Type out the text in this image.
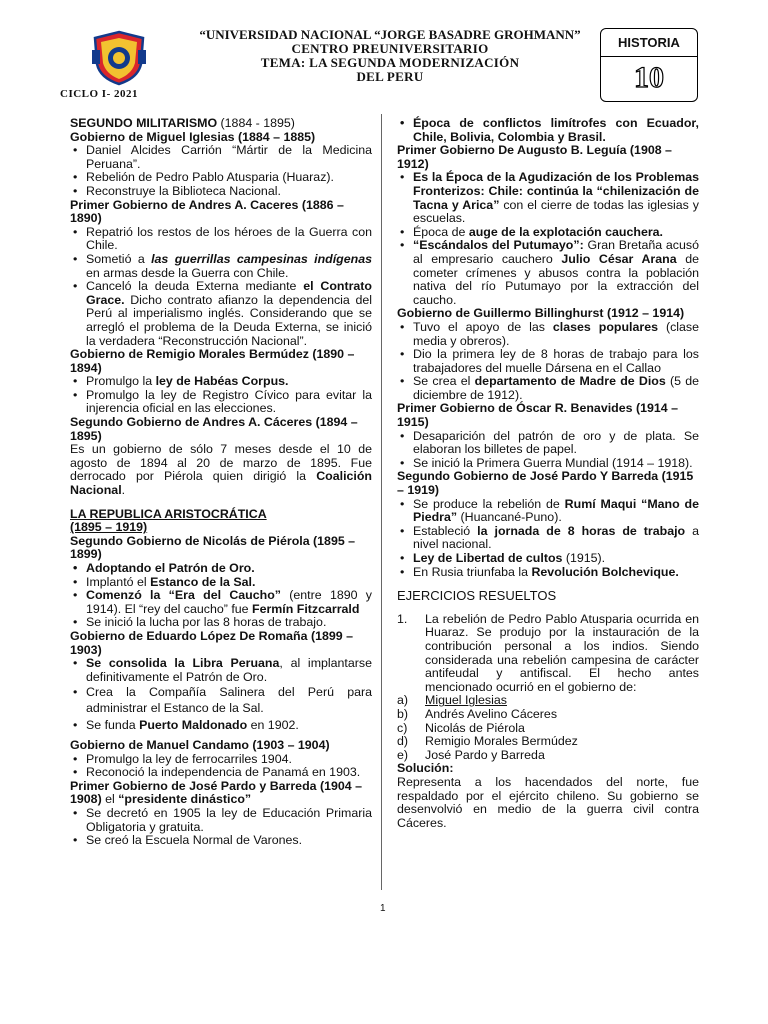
CICLO I- 2021
“UNIVERSIDAD NACIONAL “JORGE BASADRE GROHMANN”
CENTRO PREUNIVERSITARIO
TEMA: LA SEGUNDA MODERNIZACIÓN
DEL PERU
HISTORIA
10

SEGUNDO MILITARISMO (1884 - 1895)

Gobierno de Miguel Iglesias (1884 – 1885)

• Daniel Alcides Carrión “Mártir de la Medicina Peruana”.
• Rebelión de Pedro Pablo Atusparia (Huaraz).
• Reconstruye la Biblioteca Nacional.

Primer Gobierno de Andres A. Caceres (1886 – 1890)

• Repatrió los restos de los héroes de la Guerra con Chile.
• Sometió a las guerrillas campesinas indígenas en armas desde la Guerra con Chile.
• Canceló la deuda Externa mediante el Contrato Grace. Dicho contrato afianzo la dependencia del Perú al imperialismo inglés. Considerando que se arregló el problema de la Deuda Externa, se inició la verdadera “Reconstrucción Nacional”.

Gobierno de Remigio Morales Bermúdez (1890 – 1894)

• Promulgo la ley de Habéas Corpus.
• Promulgo la ley de Registro Cívico para evitar la injerencia oficial en las elecciones.

Segundo Gobierno de Andres A. Cáceres (1894 – 1895)

Es un gobierno de sólo 7 meses desde el 10 de agosto de 1894 al 20 de marzo de 1895. Fue derrocado por Piérola quien dirigió la Coalición Nacional.

LA REPUBLICA ARISTOCRÁTICA

(1895 – 1919)

Segundo Gobierno de Nicolás de Piérola (1895 – 1899)

• Adoptando el Patrón de Oro.
• Implantó el Estanco de la Sal.
• Comenzó la “Era del Caucho” (entre 1890 y 1914). El “rey del caucho” fue Fermín Fitzcarrald
• Se inició la lucha por las 8 horas de trabajo.

Gobierno de Eduardo López De Romaña (1899 – 1903)

• Se consolida la Libra Peruana, al implantarse definitivamente el Patrón de Oro.
• Crea la Compañía Salinera del Perú para administrar el Estanco de la Sal.
• Se funda Puerto Maldonado en 1902.

Gobierno de Manuel Candamo (1903 – 1904)

• Promulgo la ley de ferrocarriles 1904.
• Reconoció la independencia de Panamá en 1903.

Primer Gobierno de José Pardo y Barreda (1904 – 1908) el “presidente dinástico”

• Se decretó en 1905 la ley de Educación Primaria Obligatoria y gratuita.
• Se creó la Escuela Normal de Varones.
• Época de conflictos limítrofes con Ecuador, Chile, Bolivia, Colombia y Brasil.

Primer Gobierno De Augusto B. Leguía (1908 – 1912)

• Es la Época de la Agudización de los Problemas Fronterizos: Chile: continúa la “chilenización de Tacna y Arica” con el cierre de todas las iglesias y escuelas.
• Época de auge de la explotación cauchera.
• “Escándalos del Putumayo”: Gran Bretaña acusó al empresario cauchero Julio César Arana de cometer crímenes y abusos contra la población nativa del río Putumayo por la extracción del caucho.

Gobierno de Guillermo Billinghurst (1912 – 1914)

• Tuvo el apoyo de las clases populares (clase media y obreros).
• Dio la primera ley de 8 horas de trabajo para los trabajadores del muelle Dársena en el Callao
• Se crea el departamento de Madre de Dios (5 de diciembre de 1912).

Primer Gobierno de Óscar R. Benavides (1914 – 1915)

• Desaparición del patrón de oro y de plata. Se elaboran los billetes de papel.
• Se inició la Primera Guerra Mundial (1914 – 1918).

Segundo Gobierno de José Pardo Y Barreda (1915 – 1919)

• Se produce la rebelión de Rumí Maqui “Mano de Piedra” (Huancané-Puno).
• Estableció la jornada de 8 horas de trabajo a nivel nacional.
• Ley de Libertad de cultos (1915).
• En Rusia triunfaba la Revolución Bolchevique.

EJERCICIOS RESUELTOS

1. La rebelión de Pedro Pablo Atusparia ocurrida en Huaraz. Se produjo por la instauración de la contribución personal a los indios. Siendo considerada una rebelión campesina de carácter antifeudal y antifiscal. El hecho antes mencionado ocurrió en el gobierno de:
a) Miguel Iglesias
b) Andrés Avelino Cáceres
c) Nicolás de Piérola
d) Remigio Morales Bermúdez
e) José Pardo y Barreda

Solución:

Representa a los hacendados del norte, fue respaldado por el ejército chileno. Su gobierno se desenvolvió en medio de la guerra civil contra Cáceres.

1
